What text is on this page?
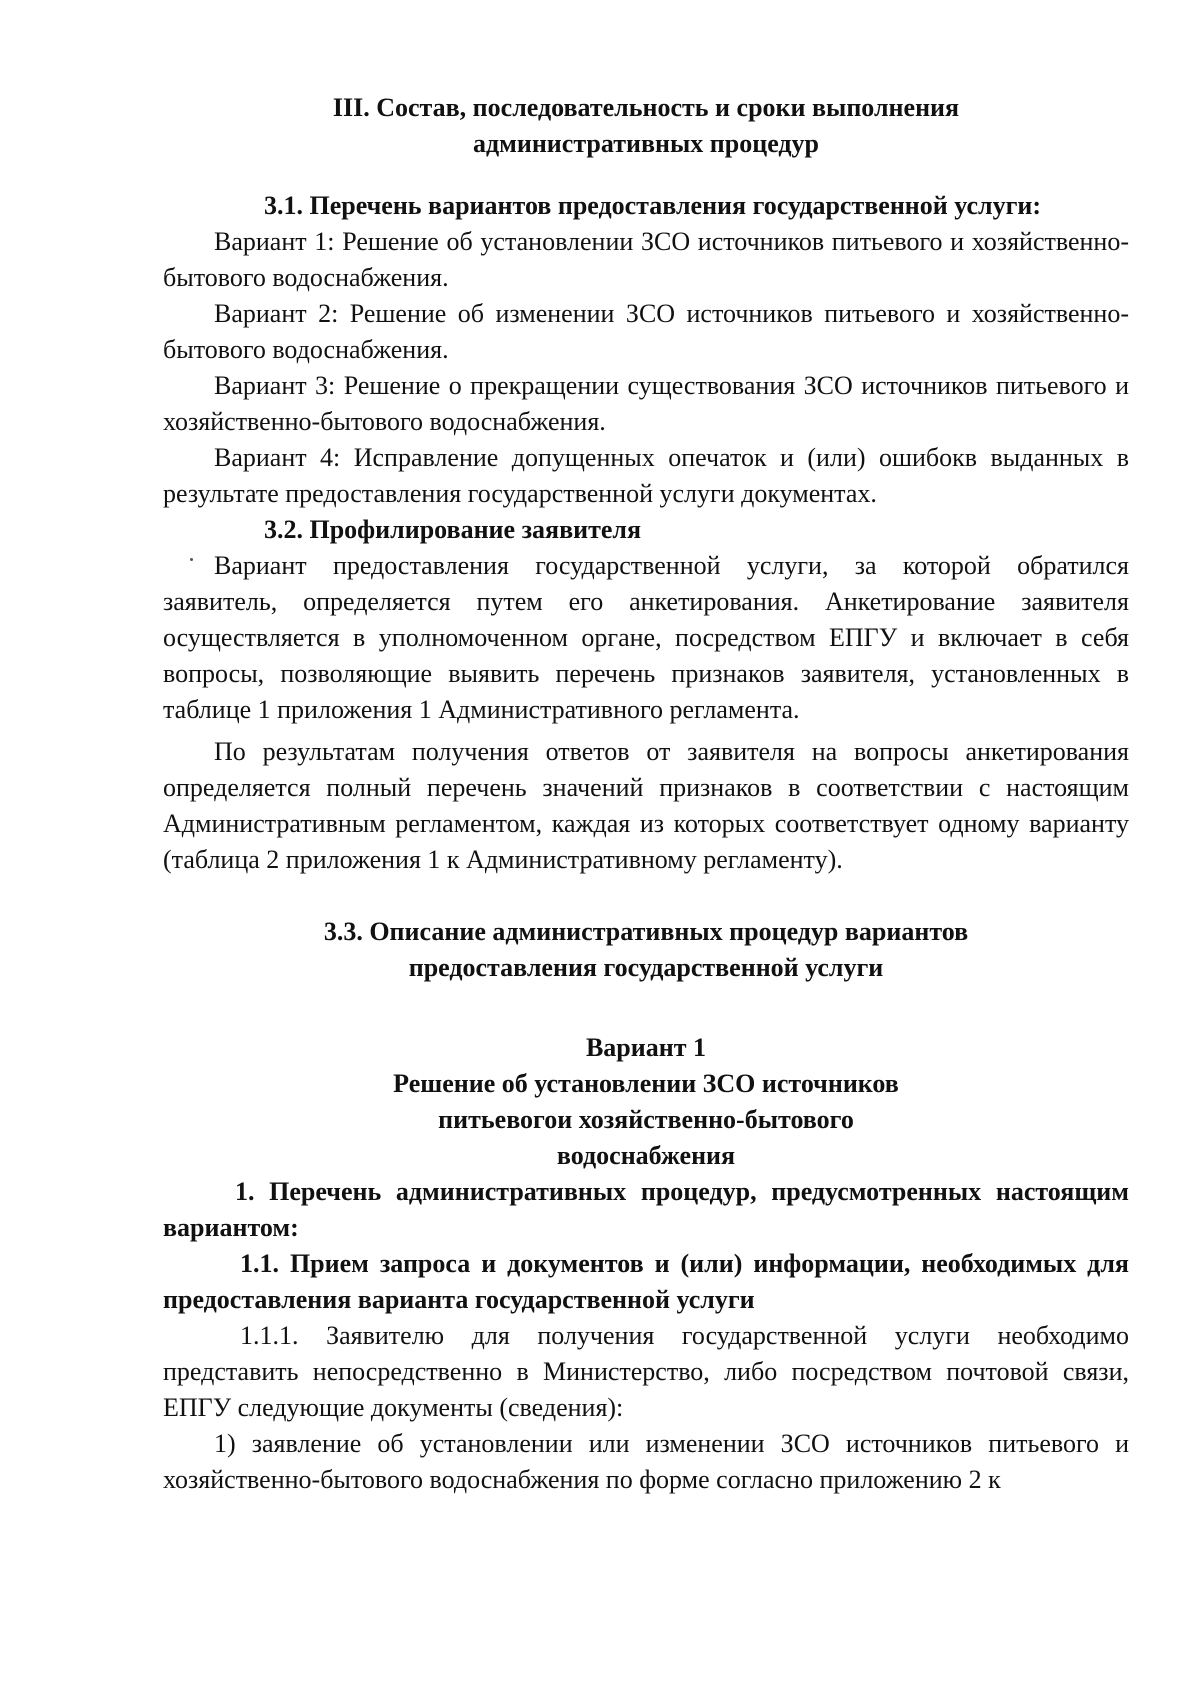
III. Состав, последовательность и сроки выполнения

административных процедур

3.1. Перечень вариантов предоставления государственной услуги:

Вариант 1: Решение об установлении ЗСО источников питьевого и хозяйственно-бытового водоснабжения.

Вариант 2: Решение об изменении ЗСО источников питьевого и хозяйственно-бытового водоснабжения.

Вариант 3: Решение о прекращении существования ЗСО источников питьевого и хозяйственно-бытового водоснабжения.

Вариант 4: Исправление допущенных опечаток и (или) ошибокв выданных в результате предоставления государственной услуги документах.

3.2. Профилирование заявителя

Вариант предоставления государственной услуги, за которой обратился заявитель, определяется путем его анкетирования. Анкетирование заявителя осуществляется в уполномоченном органе, посредством ЕПГУ и включает в себя вопросы, позволяющие выявить перечень признаков заявителя, установленных в таблице 1 приложения 1 Административного регламента.

По результатам получения ответов от заявителя на вопросы анкетирования определяется полный перечень значений признаков в соответствии с настоящим Административным регламентом, каждая из которых соответствует одному варианту (таблица 2 приложения 1 к Административному регламенту).

3.3. Описание административных процедур вариантов

предоставления государственной услуги

Вариант 1

Решение об установлении ЗСО источников

питьевогои хозяйственно-бытового

водоснабжения

1. Перечень административных процедур, предусмотренных настоящим вариантом:

1.1. Прием запроса и документов и (или) информации, необходимых для предоставления варианта государственной услуги

1.1.1. Заявителю для получения государственной услуги необходимо представить непосредственно в Министерство, либо посредством почтовой связи, ЕПГУ следующие документы (сведения):

1) заявление об установлении или изменении ЗСО источников питьевого и хозяйственно-бытового водоснабжения по форме согласно приложению 2 к
